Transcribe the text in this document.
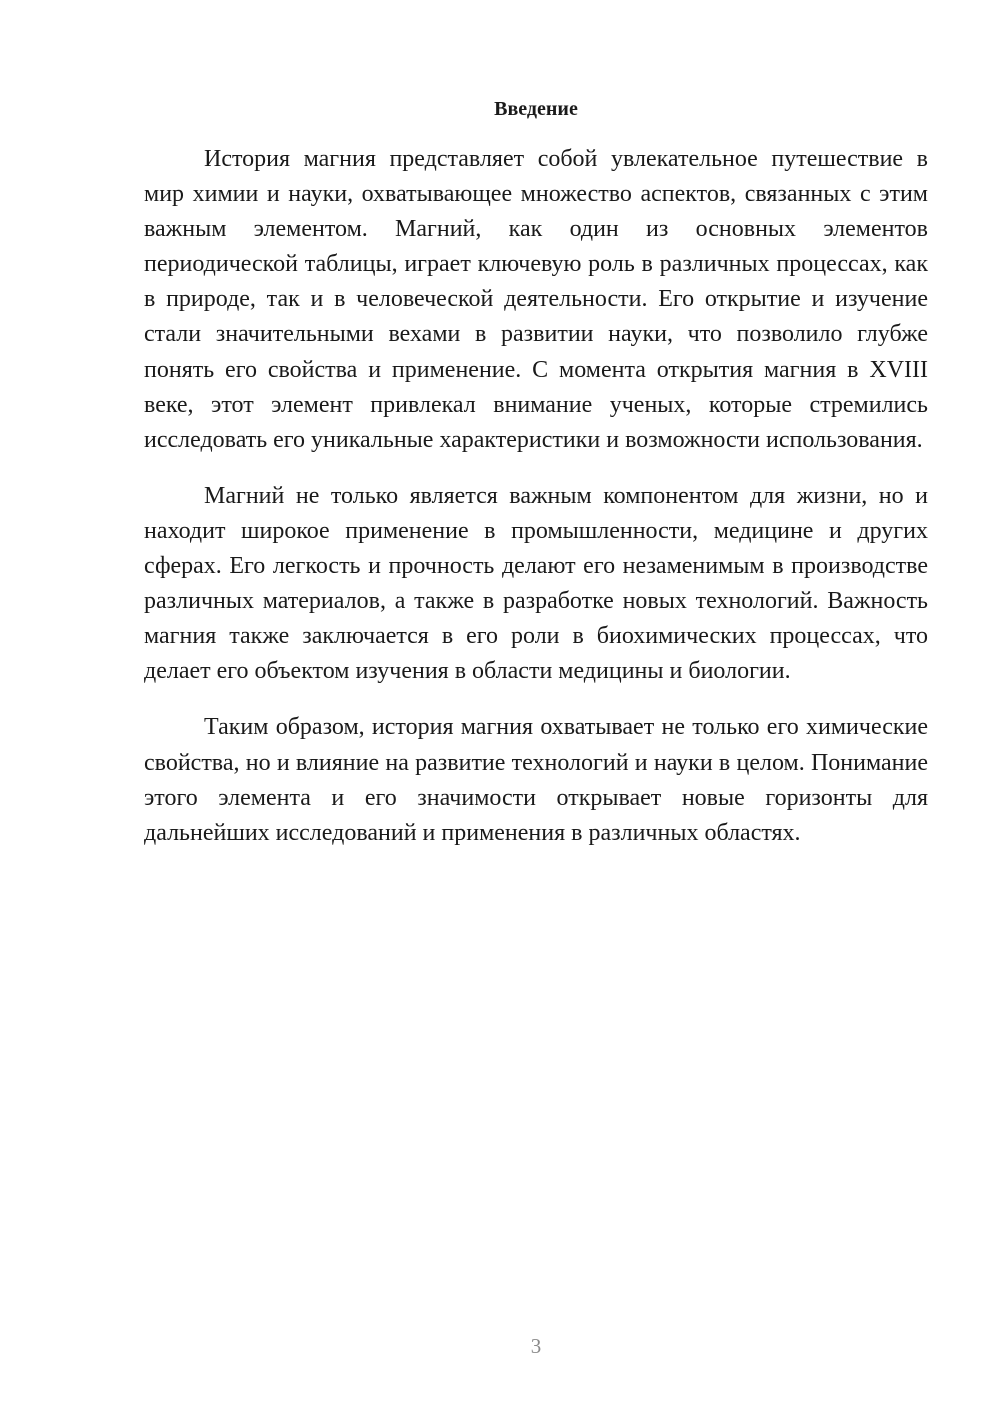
Введение

История магния представляет собой увлекательное путешествие в мир химии и науки, охватывающее множество аспектов, связанных с этим важным элементом. Магний, как один из основных элементов периодической таблицы, играет ключевую роль в различных процессах, как в природе, так и в человеческой деятельности. Его открытие и изучение стали значительными вехами в развитии науки, что позволило глубже понять его свойства и применение. С момента открытия магния в XVIII веке, этот элемент привлекал внимание ученых, которые стремились исследовать его уникальные характеристики и возможности использования.

Магний не только является важным компонентом для жизни, но и находит широкое применение в промышленности, медицине и других сферах. Его легкость и прочность делают его незаменимым в производстве различных материалов, а также в разработке новых технологий. Важность магния также заключается в его роли в биохимических процессах, что делает его объектом изучения в области медицины и биологии.

Таким образом, история магния охватывает не только его химические свойства, но и влияние на развитие технологий и науки в целом. Понимание этого элемента и его значимости открывает новые горизонты для дальнейших исследований и применения в различных областях.

3
